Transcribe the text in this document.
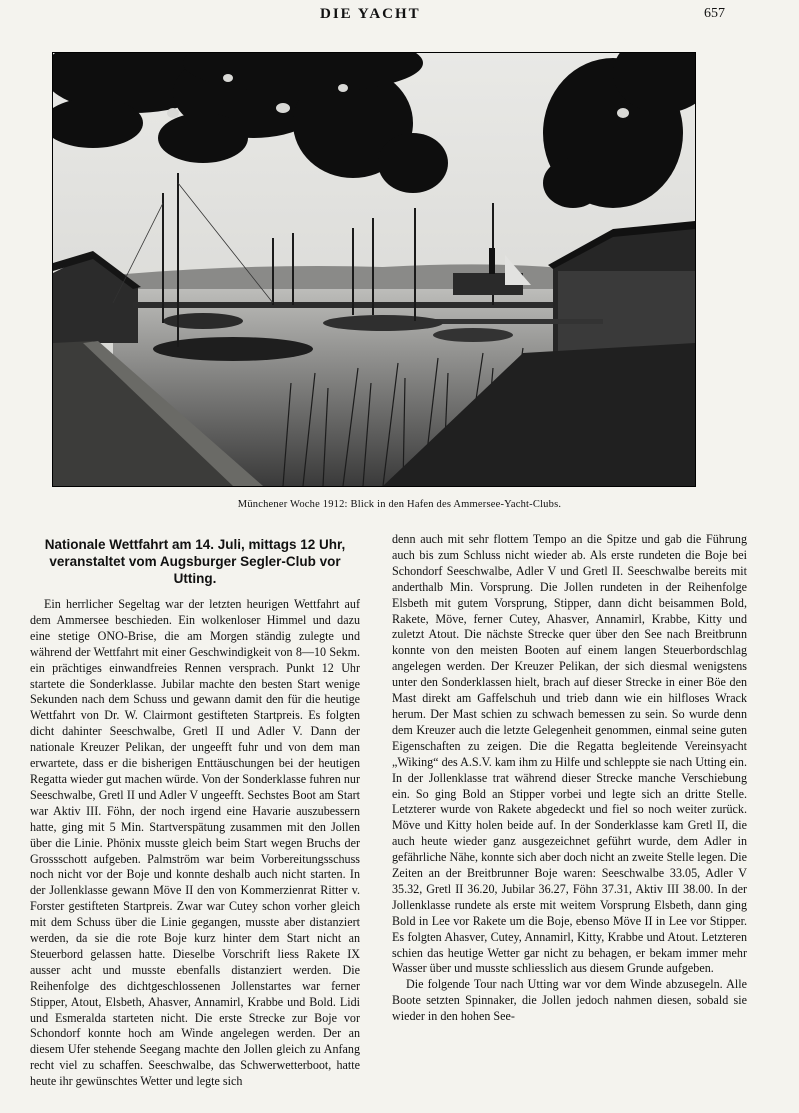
DIE YACHT	657
Münchener Woche 1912: Blick in den Hafen des Ammersee-Yacht-Clubs.
Nationale Wettfahrt am 14. Juli, mittags 12 Uhr,
veranstaltet vom Augsburger Segler-Club vor Utting.

Ein herrlicher Segeltag war der letzten heurigen Wettfahrt auf dem Ammersee beschieden. Ein wolkenloser Himmel und dazu eine stetige ONO-Brise, die am Morgen ständig zulegte und während der Wettfahrt mit einer Geschwindigkeit von 8—10 Sekm. ein prächtiges einwandfreies Rennen versprach. Punkt 12 Uhr startete die Sonderklasse. Jubilar machte den besten Start wenige Sekunden nach dem Schuss und gewann damit den für die heutige Wettfahrt von Dr. W. Clairmont gestifteten Startpreis. Es folgten dicht dahinter Seeschwalbe, Gretl II und Adler V. Dann der nationale Kreuzer Pelikan, der ungeefft fuhr und von dem man erwartete, dass er die bisherigen Enttäuschungen bei der heutigen Regatta wieder gut machen würde. Von der Sonderklasse fuhren nur Seeschwalbe, Gretl II und Adler V ungeefft. Sechstes Boot am Start war Aktiv III. Föhn, der noch irgend eine Havarie auszubessern hatte, ging mit 5 Min. Startverspätung zusammen mit den Jollen über die Linie. Phönix musste gleich beim Start wegen Bruchs der Grossschott aufgeben. Palmström war beim Vorbereitungsschuss noch nicht vor der Boje und konnte deshalb auch nicht starten. In der Jollenklasse gewann Möve II den von Kommerzienrat Ritter v. Forster gestifteten Startpreis. Zwar war Cutey schon vorher gleich mit dem Schuss über die Linie gegangen, musste aber distanziert werden, da sie die rote Boje kurz hinter dem Start nicht an Steuerbord gelassen hatte. Dieselbe Vorschrift liess Rakete IX ausser acht und musste ebenfalls distanziert werden. Die Reihenfolge des dichtgeschlossenen Jollenstartes war ferner Stipper, Atout, Elsbeth, Ahasver, Annamirl, Krabbe und Bold. Lidi und Esmeralda starteten nicht. Die erste Strecke zur Boje vor Schondorf konnte hoch am Winde angelegen werden. Der an diesem Ufer stehende Seegang machte den Jollen gleich zu Anfang recht viel zu schaffen. Seeschwalbe, das Schwerwetterboot, hatte heute ihr gewünschtes Wetter und legte sich

denn auch mit sehr flottem Tempo an die Spitze und gab die Führung auch bis zum Schluss nicht wieder ab. Als erste rundeten die Boje bei Schondorf Seeschwalbe, Adler V und Gretl II. Seeschwalbe bereits mit anderthalb Min. Vorsprung. Die Jollen rundeten in der Reihenfolge Elsbeth mit gutem Vorsprung, Stipper, dann dicht beisammen Bold, Rakete, Möve, ferner Cutey, Ahasver, Annamirl, Krabbe, Kitty und zuletzt Atout. Die nächste Strecke quer über den See nach Breitbrunn konnte von den meisten Booten auf einem langen Steuerbordschlag angelegen werden. Der Kreuzer Pelikan, der sich diesmal wenigstens unter den Sonderklassen hielt, brach auf dieser Strecke in einer Böe den Mast direkt am Gaffelschuh und trieb dann wie ein hilfloses Wrack herum. Der Mast schien zu schwach bemessen zu sein. So wurde denn dem Kreuzer auch die letzte Gelegenheit genommen, einmal seine guten Eigenschaften zu zeigen. Die die Regatta begleitende Vereinsyacht „Wiking“ des A.S.V. kam ihm zu Hilfe und schleppte sie nach Utting ein. In der Jollenklasse trat während dieser Strecke manche Verschiebung ein. So ging Bold an Stipper vorbei und legte sich an dritte Stelle. Letzterer wurde von Rakete abgedeckt und fiel so noch weiter zurück. Möve und Kitty holen beide auf. In der Sonderklasse kam Gretl II, die auch heute wieder ganz ausgezeichnet geführt wurde, dem Adler in gefährliche Nähe, konnte sich aber doch nicht an zweite Stelle legen. Die Zeiten an der Breitbrunner Boje waren: Seeschwalbe 33.05, Adler V 35.32, Gretl II 36.20, Jubilar 36.27, Föhn 37.31, Aktiv III 38.00. In der Jollenklasse rundete als erste mit weitem Vorsprung Elsbeth, dann ging Bold in Lee vor Rakete um die Boje, ebenso Möve II in Lee vor Stipper. Es folgten Ahasver, Cutey, Annamirl, Kitty, Krabbe und Atout. Letzteren schien das heutige Wetter gar nicht zu behagen, er bekam immer mehr Wasser über und musste schliesslich aus diesem Grunde aufgeben.

Die folgende Tour nach Utting war vor dem Winde abzusegeln. Alle Boote setzten Spinnaker, die Jollen jedoch nahmen diesen, sobald sie wieder in den hohen See-
